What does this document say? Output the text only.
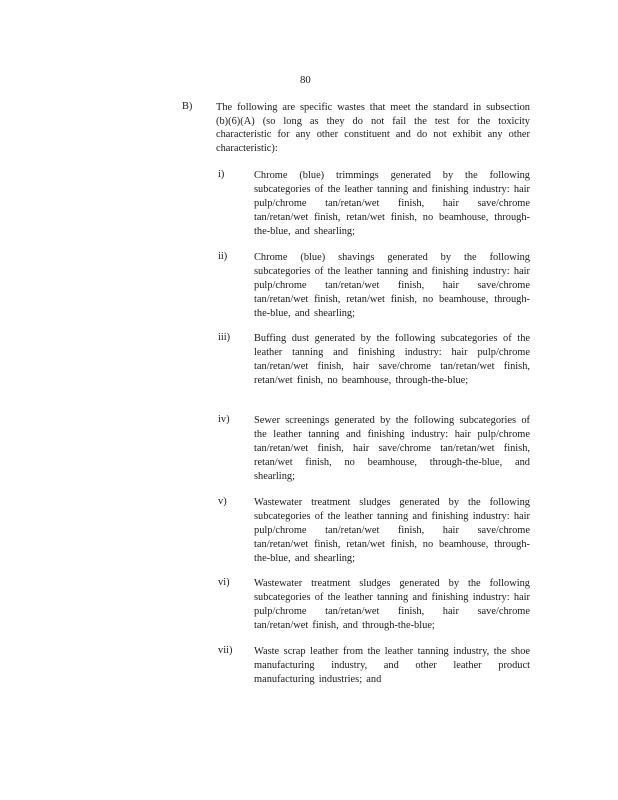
80
B) The following are specific wastes that meet the standard in subsection (b)(6)(A) (so long as they do not fail the test for the toxicity characteristic for any other constituent and do not exhibit any other characteristic):
i)	Chrome (blue) trimmings generated by the following subcategories of the leather tanning and finishing industry: hair pulp/chrome tan/retan/wet finish, hair save/chrome tan/retan/wet finish, retan/wet finish, no beamhouse, through-the-blue, and shearling;
ii)	Chrome (blue) shavings generated by the following subcategories of the leather tanning and finishing industry: hair pulp/chrome tan/retan/wet finish, hair save/chrome tan/retan/wet finish, retan/wet finish, no beamhouse, through-the-blue, and shearling;
iii) Buffing dust generated by the following subcategories of the leather tanning and finishing industry: hair pulp/chrome tan/retan/wet finish, hair save/chrome tan/retan/wet finish, retan/wet finish, no beamhouse, through-the-blue;
iv) Sewer screenings generated by the following subcategories of the leather tanning and finishing industry: hair pulp/chrome tan/retan/wet finish, hair save/chrome tan/retan/wet finish, retan/wet finish, no beamhouse, through-the-blue, and shearling;
v)	Wastewater treatment sludges generated by the following subcategories of the leather tanning and finishing industry: hair pulp/chrome tan/retan/wet finish, hair save/chrome tan/retan/wet finish, retan/wet finish, no beamhouse, through-the-blue, and shearling;
vi) Wastewater treatment sludges generated by the following subcategories of the leather tanning and finishing industry: hair pulp/chrome tan/retan/wet finish, hair save/chrome tan/retan/wet finish, and through-the-blue;
vii) Waste scrap leather from the leather tanning industry, the shoe manufacturing industry, and other leather product manufacturing industries; and
